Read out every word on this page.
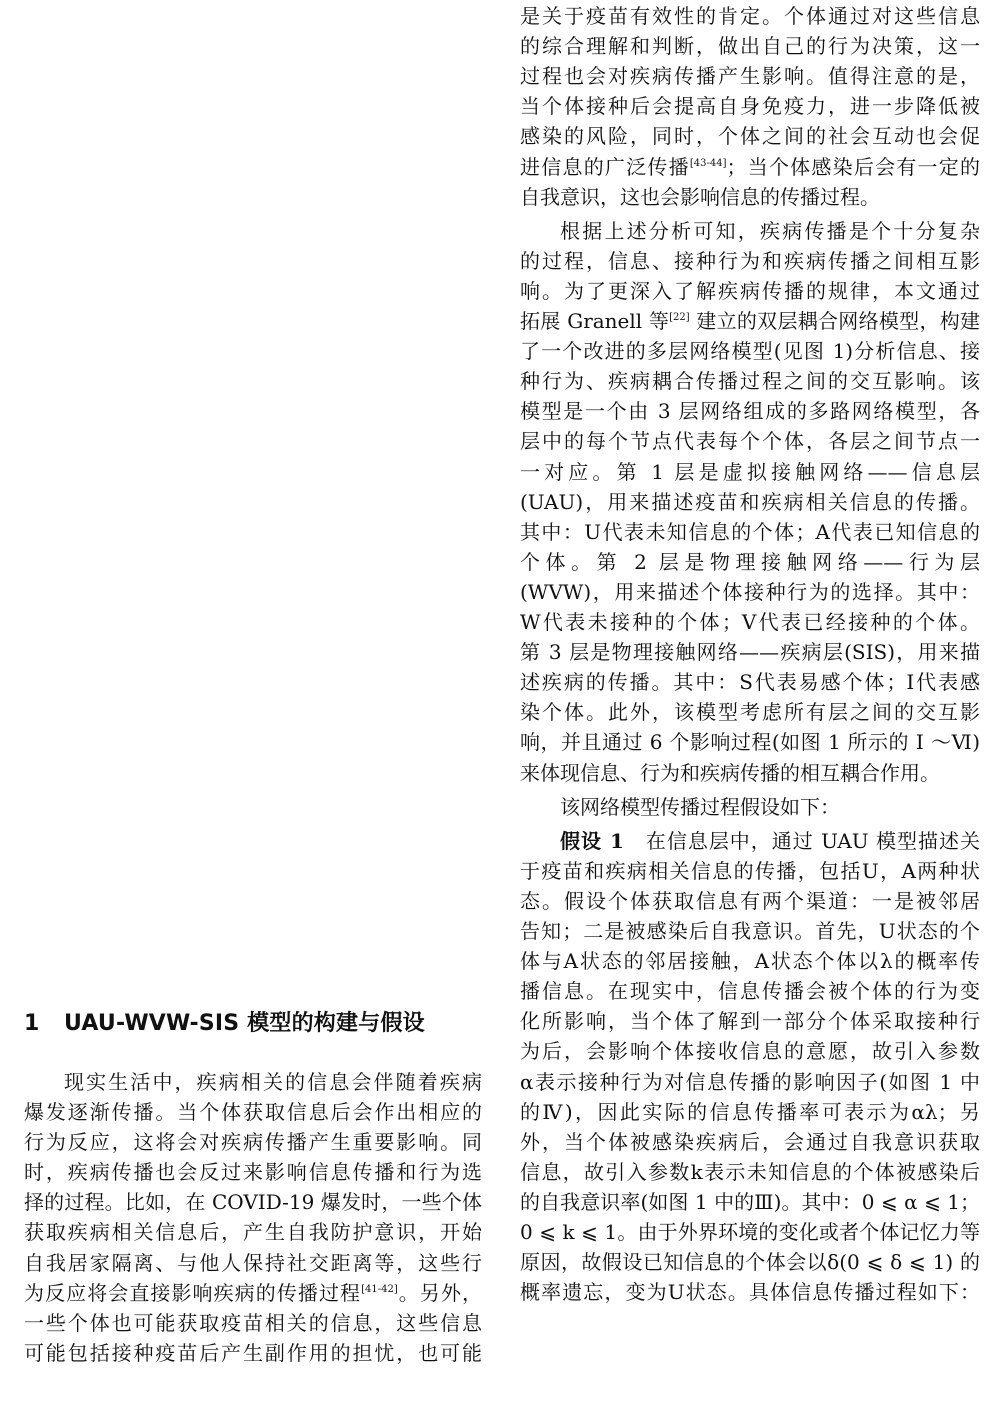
1 UAU-WVW-SIS 模型的构建与假设
现实生活中，疾病相关的信息会伴随着疾病
爆发逐渐传播。当个体获取信息后会作出相应的
行为反应，这将会对疾病传播产生重要影响。同
时，疾病传播也会反过来影响信息传播和行为选
择的过程。比如，在 COVID-19 爆发时，一些个体
获取疾病相关信息后，产生自我防护意识，开始
自我居家隔离、与他人保持社交距离等，这些行
为反应将会直接影响疾病的传播过程[41-42]。另外，
一些个体也可能获取疫苗相关的信息，这些信息
可能包括接种疫苗后产生副作用的担忧，也可能
是关于疫苗有效性的肯定。个体通过对这些信息
的综合理解和判断，做出自己的行为决策，这一
过程也会对疾病传播产生影响。值得注意的是，
当个体接种后会提高自身免疫力，进一步降低被
感染的风险，同时，个体之间的社会互动也会促
进信息的广泛传播[43-44]；当个体感染后会有一定的
自我意识，这也会影响信息的传播过程。
根据上述分析可知，疾病传播是个十分复杂
的过程，信息、接种行为和疾病传播之间相互影
响。为了更深入了解疾病传播的规律，本文通过
拓展 Granell 等[22] 建立的双层耦合网络模型，构建
了一个改进的多层网络模型(见图 1)分析信息、接
种行为、疾病耦合传播过程之间的交互影响。该
模型是一个由 3 层网络组成的多路网络模型，各
层中的每个节点代表每个个体，各层之间节点一
一对应。第 1 层是虚拟接触网络——信息层
(UAU)，用来描述疫苗和疾病相关信息的传播。
其中：U代表未知信息的个体；A代表已知信息的
个体。第 2 层是物理接触网络——行为层
(WVW)，用来描述个体接种行为的选择。其中：
W代表未接种的个体；V代表已经接种的个体。
第 3 层是物理接触网络——疾病层(SIS)，用来描
述疾病的传播。其中：S代表易感个体；I代表感
染个体。此外，该模型考虑所有层之间的交互影
响，并且通过 6 个影响过程(如图 1 所示的 Ⅰ ～Ⅵ)
来体现信息、行为和疾病传播的相互耦合作用。
该网络模型传播过程假设如下：
假设 1　在信息层中，通过 UAU 模型描述关
于疫苗和疾病相关信息的传播，包括U，A两种状
态。假设个体获取信息有两个渠道：一是被邻居
告知；二是被感染后自我意识。首先，U状态的个
体与A状态的邻居接触，A状态个体以λ的概率传
播信息。在现实中，信息传播会被个体的行为变
化所影响，当个体了解到一部分个体采取接种行
为后，会影响个体接收信息的意愿，故引入参数
α表示接种行为对信息传播的影响因子(如图 1 中
的Ⅳ)，因此实际的信息传播率可表示为αλ；另
外，当个体被感染疾病后，会通过自我意识获取
信息，故引入参数k表示未知信息的个体被感染后
的自我意识率(如图 1 中的Ⅲ)。其中：0 ⩽ α ⩽ 1；
0 ⩽ k ⩽ 1。由于外界环境的变化或者个体记忆力等
原因，故假设已知信息的个体会以δ(0 ⩽ δ ⩽ 1) 的
概率遗忘，变为U状态。具体信息传播过程如下：
